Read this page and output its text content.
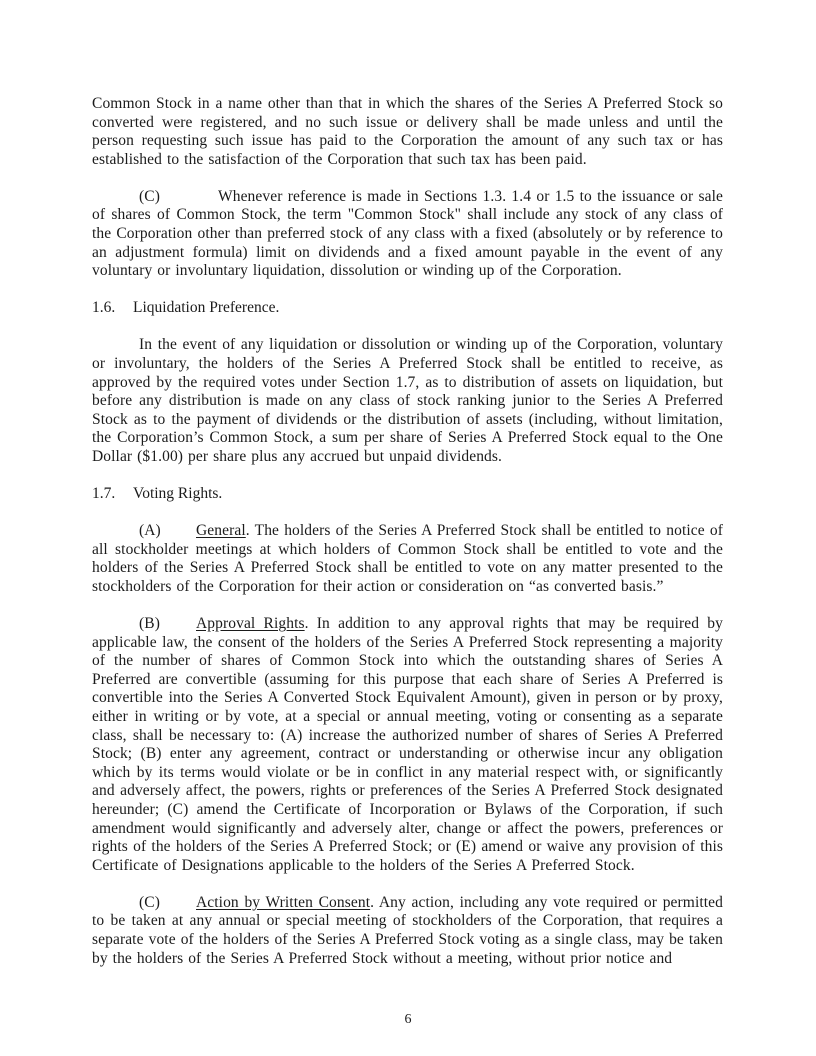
Common Stock in a name other than that in which the shares of the Series A Preferred Stock so converted were registered, and no such issue or delivery shall be made unless and until the person requesting such issue has paid to the Corporation the amount of any such tax or has established to the satisfaction of the Corporation that such tax has been paid.

(C)	Whenever reference is made in Sections 1.3. 1.4 or 1.5 to the issuance or sale of shares of Common Stock, the term "Common Stock" shall include any stock of any class of the Corporation other than preferred stock of any class with a fixed (absolutely or by reference to an adjustment formula) limit on dividends and a fixed amount payable in the event of any voluntary or involuntary liquidation, dissolution or winding up of the Corporation.

1.6. Liquidation Preference.

In the event of any liquidation or dissolution or winding up of the Corporation, voluntary or involuntary, the holders of the Series A Preferred Stock shall be entitled to receive, as approved by the required votes under Section 1.7, as to distribution of assets on liquidation, but before any distribution is made on any class of stock ranking junior to the Series A Preferred Stock as to the payment of dividends or the distribution of assets (including, without limitation, the Corporation’s Common Stock, a sum per share of Series A Preferred Stock equal to the One Dollar ($1.00) per share plus any accrued but unpaid dividends.

1.7. Voting Rights.

(A) General. The holders of the Series A Preferred Stock shall be entitled to notice of all stockholder meetings at which holders of Common Stock shall be entitled to vote and the holders of the Series A Preferred Stock shall be entitled to vote on any matter presented to the stockholders of the Corporation for their action or consideration on “as converted basis.”

(B) Approval Rights. In addition to any approval rights that may be required by applicable law, the consent of the holders of the Series A Preferred Stock representing a majority of the number of shares of Common Stock into which the outstanding shares of Series A Preferred are convertible (assuming for this purpose that each share of Series A Preferred is convertible into the Series A Converted Stock Equivalent Amount), given in person or by proxy, either in writing or by vote, at a special or annual meeting, voting or consenting as a separate class, shall be necessary to: (A) increase the authorized number of shares of Series A Preferred Stock; (B) enter any agreement, contract or understanding or otherwise incur any obligation which by its terms would violate or be in conflict in any material respect with, or significantly and adversely affect, the powers, rights or preferences of the Series A Preferred Stock designated hereunder; (C) amend the Certificate of Incorporation or Bylaws of the Corporation, if such amendment would significantly and adversely alter, change or affect the powers, preferences or rights of the holders of the Series A Preferred Stock; or (E) amend or waive any provision of this Certificate of Designations applicable to the holders of the Series A Preferred Stock.

(C) Action by Written Consent. Any action, including any vote required or permitted to be taken at any annual or special meeting of stockholders of the Corporation, that requires a separate vote of the holders of the Series A Preferred Stock voting as a single class, may be taken by the holders of the Series A Preferred Stock without a meeting, without prior notice and

6
